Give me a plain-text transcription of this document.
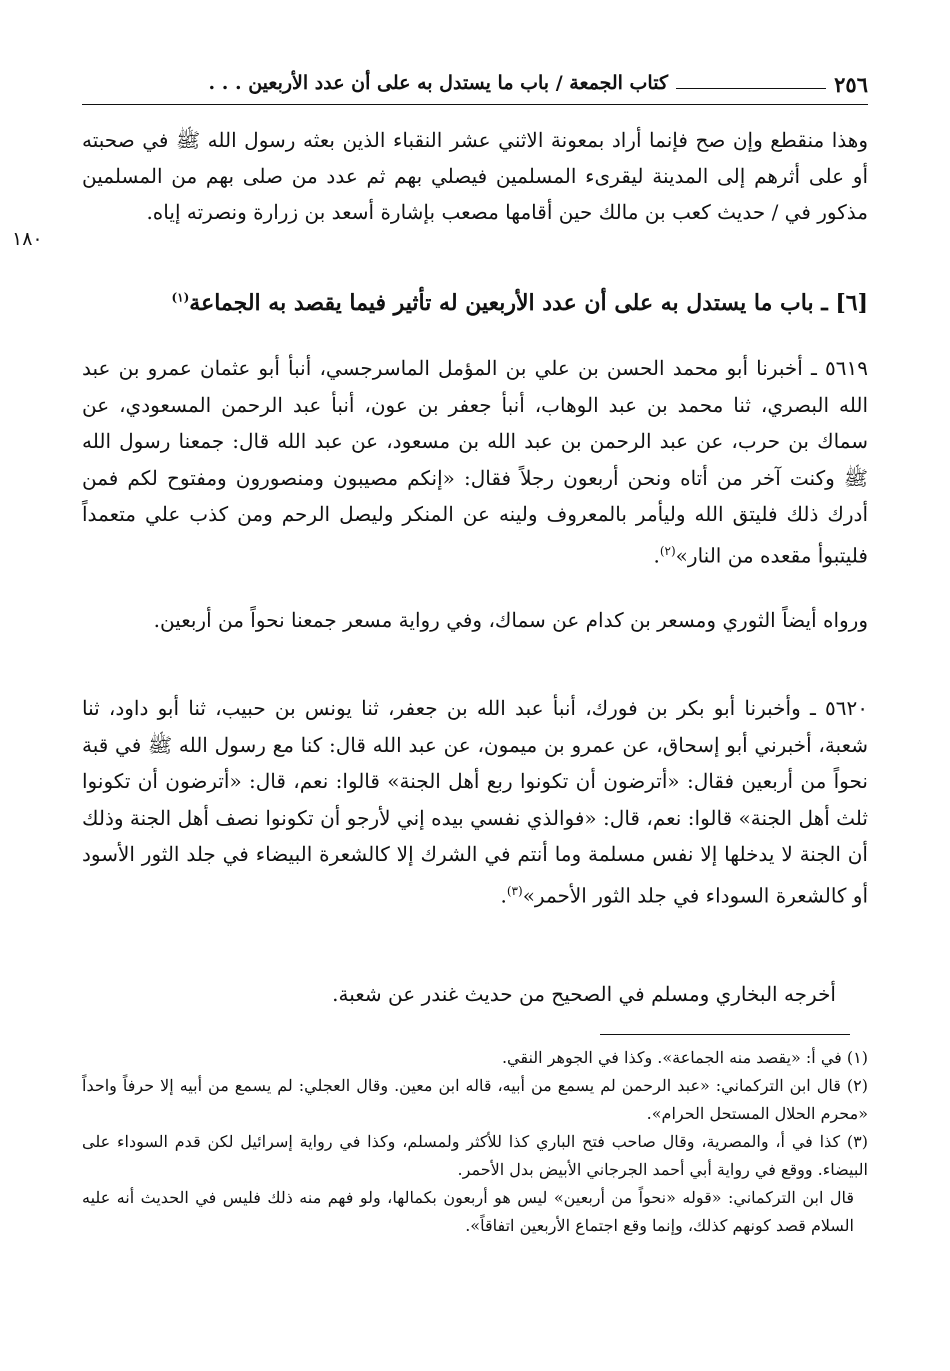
٢٥٦
كتاب الجمعة / باب ما يستدل به على أن عدد الأربعين . . .
١٨٠

وهذا منقطع وإن صح فإنما أراد بمعونة الاثني عشر النقباء الذين بعثه رسول الله ﷺ في صحبته أو على أثرهم إلى المدينة ليقرىء المسلمين فيصلي بهم ثم عدد من صلى بهم من المسلمين مذكور في / حديث كعب بن مالك حين أقامها مصعب بإشارة أسعد بن زرارة ونصرته إياه.

[٦] ـ باب ما يستدل به على أن عدد الأربعين له تأثير فيما يقصد به الجماعة$^{(١)}$

٥٦١٩ ـ أخبرنا أبو محمد الحسن بن علي بن المؤمل الماسرجسي، أنبأ أبو عثمان عمرو بن عبد الله البصري، ثنا محمد بن عبد الوهاب، أنبأ جعفر بن عون، أنبأ عبد الرحمن المسعودي، عن سماك بن حرب، عن عبد الرحمن بن عبد الله بن مسعود، عن عبد الله قال: جمعنا رسول الله ﷺ وكنت آخر من أتاه ونحن أربعون رجلاً فقال: «إنكم مصيبون ومنصورون ومفتوح لكم فمن أدرك ذلك فليتق الله وليأمر بالمعروف ولينه عن المنكر وليصل الرحم ومن كذب علي متعمداً فليتبوأ مقعده من النار»$^{(٢)}$.

ورواه أيضاً الثوري ومسعر بن كدام عن سماك، وفي رواية مسعر جمعنا نحواً من أربعين.

٥٦٢٠ ـ وأخبرنا أبو بكر بن فورك، أنبأ عبد الله بن جعفر، ثنا يونس بن حبيب، ثنا أبو داود، ثنا شعبة، أخبرني أبو إسحاق، عن عمرو بن ميمون، عن عبد الله قال: كنا مع رسول الله ﷺ في قبة نحواً من أربعين فقال: «أترضون أن تكونوا ربع أهل الجنة» قالوا: نعم، قال: «أترضون أن تكونوا ثلث أهل الجنة» قالوا: نعم، قال: «فوالذي نفسي بيده إني لأرجو أن تكونوا نصف أهل الجنة وذلك أن الجنة لا يدخلها إلا نفس مسلمة وما أنتم في الشرك إلا كالشعرة البيضاء في جلد الثور الأسود أو كالشعرة السوداء في جلد الثور الأحمر»$^{(٣)}$.

أخرجه البخاري ومسلم في الصحيح من حديث غندر عن شعبة.

(١) في أ: «يقصد منه الجماعة». وكذا في الجوهر النقي.

(٢) قال ابن التركماني: «عبد الرحمن لم يسمع من أبيه، قاله ابن معين. وقال العجلي: لم يسمع من أبيه إلا حرفاً واحداً «محرم الحلال المستحل الحرام».

(٣) كذا في أ، والمصرية، وقال صاحب فتح الباري كذا للأكثر ولمسلم، وكذا في رواية إسرائيل لكن قدم السوداء على البيضاء. ووقع في رواية أبي أحمد الجرجاني الأبيض بدل الأحمر.

قال ابن التركماني: «قوله «نحواً من أربعين» ليس هو أربعون بكمالها، ولو فهم منه ذلك فليس في الحديث أنه عليه السلام قصد كونهم كذلك، وإنما وقع اجتماع الأربعين اتفاقاً».
